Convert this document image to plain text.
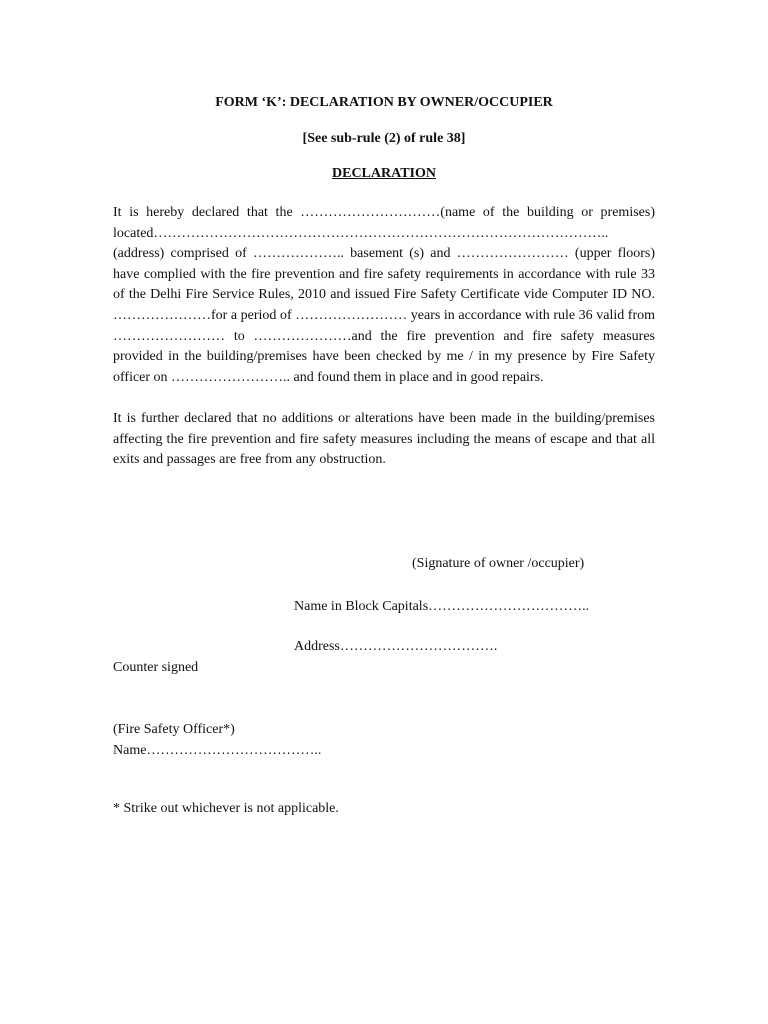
FORM ‘K’: DECLARATION BY OWNER/OCCUPIER
[See sub-rule (2) of rule 38]
DECLARATION
It is hereby declared that the …………………………(name of the building or premises) located……………………………………………………………………………………..(address) comprised of ……………….. basement (s) and …………………… (upper floors) have complied with the fire prevention and fire safety requirements in accordance with rule 33 of the Delhi Fire Service Rules, 2010 and issued Fire Safety Certificate vide Computer ID NO. …………………for a period of …………………… years in accordance with rule 36 valid from …………………… to …………………and the fire prevention and fire safety measures provided in the building/premises have been checked by me / in my presence by Fire Safety officer on …………………….. and found them in place and in good repairs.
It is further declared that no additions or alterations have been made in the building/premises affecting the fire prevention and fire safety measures including the means of escape and that all exits and passages are free from any obstruction.
(Signature of owner /occupier)
Name in Block Capitals……………………………..
Address…………………………….
Counter signed
(Fire Safety Officer*)
Name………………………………..
* Strike out whichever is not applicable.
